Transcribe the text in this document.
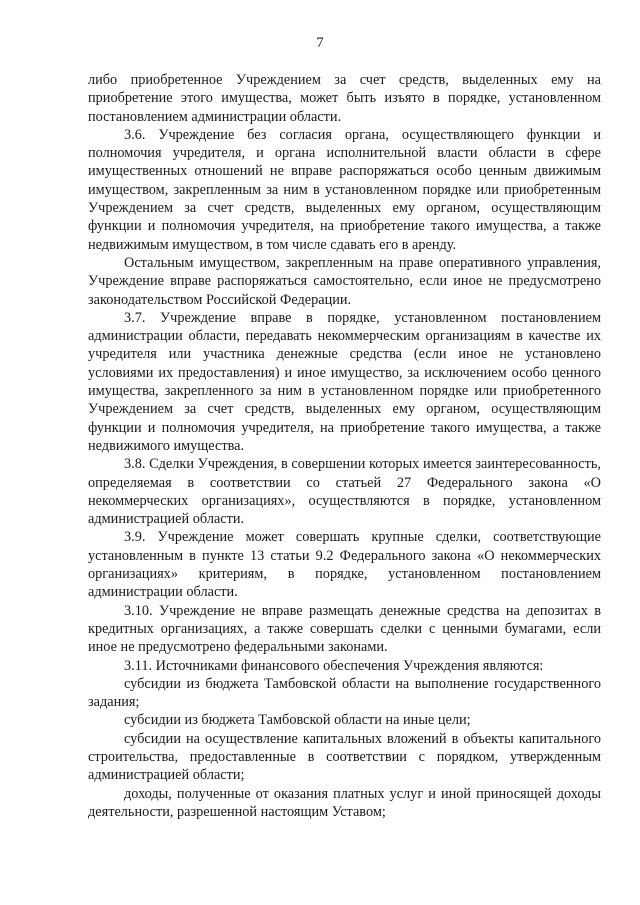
7

либо приобретенное Учреждением за счет средств, выделенных ему на приобретение этого имущества, может быть изъято в порядке, установленном постановлением администрации области.

3.6. Учреждение без согласия органа, осуществляющего функции и полномочия учредителя, и органа исполнительной власти области в сфере имущественных отношений не вправе распоряжаться особо ценным движимым имуществом, закрепленным за ним в установленном порядке или приобретенным Учреждением за счет средств, выделенных ему органом, осуществляющим функции и полномочия учредителя, на приобретение такого имущества, а также недвижимым имуществом, в том числе сдавать его в аренду.

Остальным имуществом, закрепленным на праве оперативного управления, Учреждение вправе распоряжаться самостоятельно, если иное не предусмотрено законодательством Российской Федерации.

3.7. Учреждение вправе в порядке, установленном постановлением администрации области, передавать некоммерческим организациям в качестве их учредителя или участника денежные средства (если иное не установлено условиями их предоставления) и иное имущество, за исключением особо ценного имущества, закрепленного за ним в установленном порядке или приобретенного Учреждением за счет средств, выделенных ему органом, осуществляющим функции и полномочия учредителя, на приобретение такого имущества, а также недвижимого имущества.

3.8. Сделки Учреждения, в совершении которых имеется заинтересованность, определяемая в соответствии со статьей 27 Федерального закона «О некоммерческих организациях», осуществляются в порядке, установленном администрацией области.

3.9. Учреждение может совершать крупные сделки, соответствующие установленным в пункте 13 статьи 9.2 Федерального закона «О некоммерческих организациях» критериям, в порядке, установленном постановлением администрации области.

3.10. Учреждение не вправе размещать денежные средства на депозитах в кредитных организациях, а также совершать сделки с ценными бумагами, если иное не предусмотрено федеральными законами.

3.11. Источниками финансового обеспечения Учреждения являются:

субсидии из бюджета Тамбовской области на выполнение государственного задания;

субсидии из бюджета Тамбовской области на иные цели;

субсидии на осуществление капитальных вложений в объекты капитального строительства, предоставленные в соответствии с порядком, утвержденным администрацией области;

доходы, полученные от оказания платных услуг и иной приносящей доходы деятельности, разрешенной настоящим Уставом;
